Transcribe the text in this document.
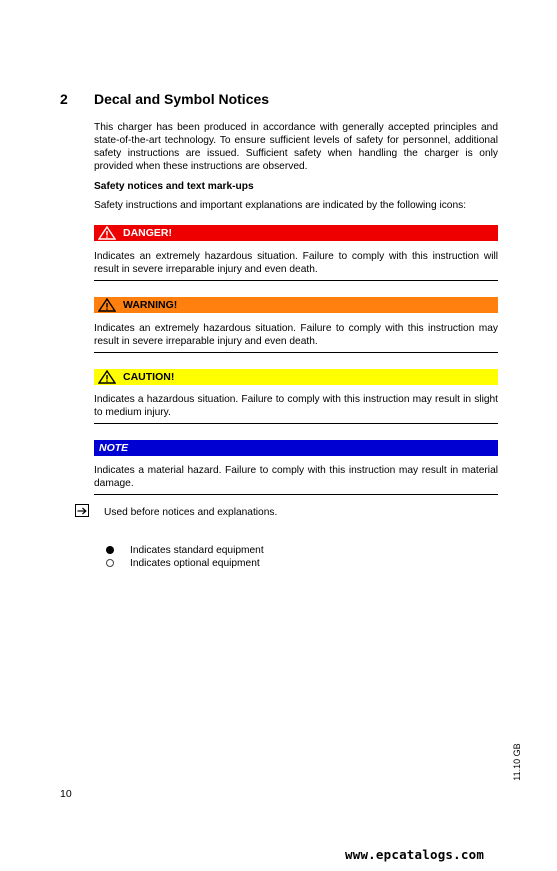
2 Decal and Symbol Notices
This charger has been produced in accordance with generally accepted principles and state-of-the-art technology. To ensure sufficient levels of safety for personnel, additional safety instructions are issued. Sufficient safety when handling the charger is only provided when these instructions are observed.
Safety notices and text mark-ups
Safety instructions and important explanations are indicated by the following icons:
DANGER!
Indicates an extremely hazardous situation. Failure to comply with this instruction will result in severe irreparable injury and even death.
WARNING!
Indicates an extremely hazardous situation. Failure to comply with this instruction may result in severe irreparable injury and even death.
CAUTION!
Indicates a hazardous situation. Failure to comply with this instruction may result in slight to medium injury.
NOTE
Indicates a material hazard. Failure to comply with this instruction may result in material damage.
Used before notices and explanations.
Indicates standard equipment
Indicates optional equipment
11.10 GB
10
www.epcatalogs.com
